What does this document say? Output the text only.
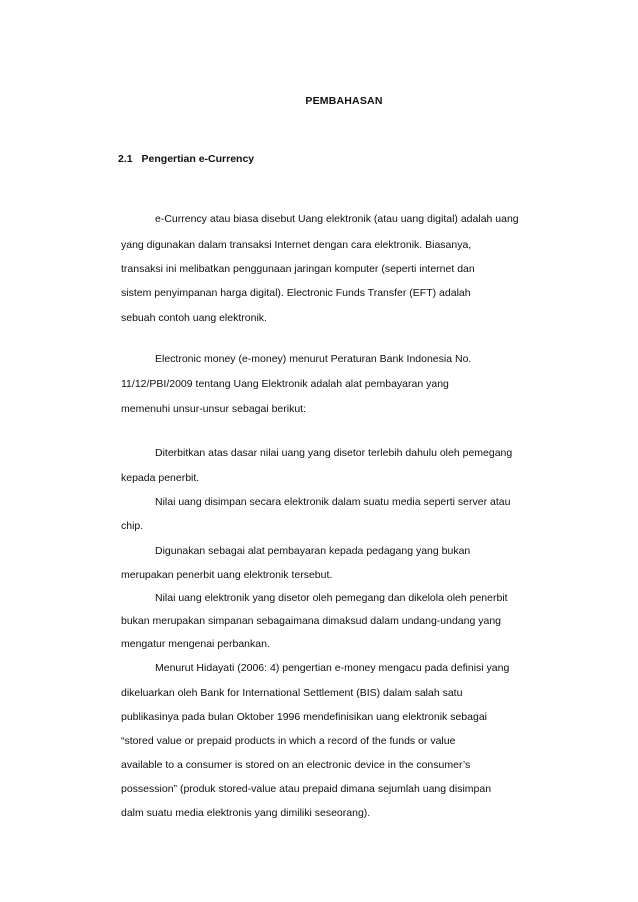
PEMBAHASAN
2.1 Pengertian e-Currency
e-Currency atau biasa disebut Uang elektronik (atau uang digital) adalah uang
yang digunakan dalam transaksi Internet dengan cara elektronik. Biasanya,
transaksi ini melibatkan penggunaan jaringan komputer (seperti internet dan
sistem penyimpanan harga digital). Electronic Funds Transfer (EFT) adalah
sebuah contoh uang elektronik.
Electronic money (e-money) menurut Peraturan Bank Indonesia No.
11/12/PBI/2009 tentang Uang Elektronik adalah alat pembayaran yang
memenuhi unsur-unsur sebagai berikut:
Diterbitkan atas dasar nilai uang yang disetor terlebih dahulu oleh pemegang
kepada penerbit.
Nilai uang disimpan secara elektronik dalam suatu media seperti server atau
chip.
Digunakan sebagai alat pembayaran kepada pedagang yang bukan
merupakan penerbit uang elektronik tersebut.
Nilai uang elektronik yang disetor oleh pemegang dan dikelola oleh penerbit
bukan merupakan simpanan sebagaimana dimaksud dalam undang-undang yang
mengatur mengenai perbankan.
Menurut Hidayati (2006: 4) pengertian e-money mengacu pada definisi yang
dikeluarkan oleh Bank for International Settlement (BIS) dalam salah satu
publikasinya pada bulan Oktober 1996 mendefinisikan uang elektronik sebagai
“stored value or prepaid products in which a record of the funds or value
available to a consumer is stored on an electronic device in the consumer’s
possession” (produk stored-value atau prepaid dimana sejumlah uang disimpan
dalm suatu media elektronis yang dimiliki seseorang).
